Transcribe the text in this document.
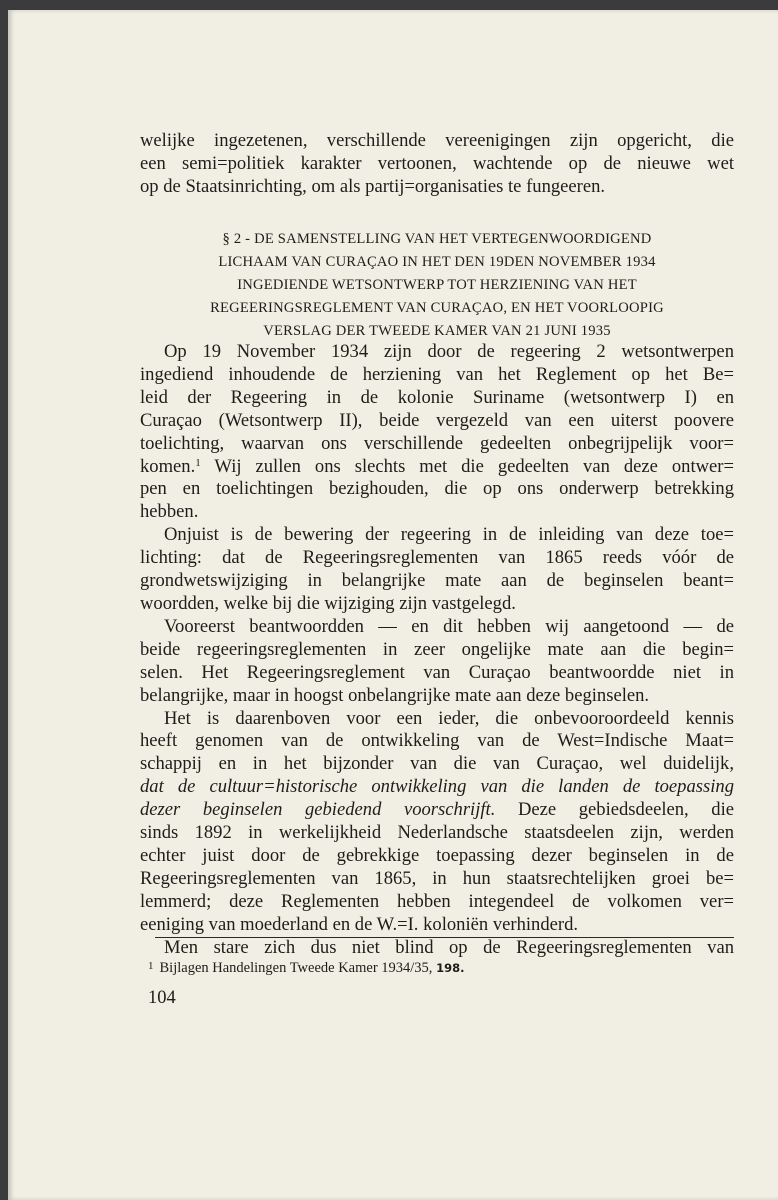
welijke ingezetenen, verschillende vereenigingen zijn opgericht, die
een semi=politiek karakter vertoonen, wachtende op de nieuwe wet
op de Staatsinrichting, om als partij=organisaties te fungeeren.

§ 2 - DE SAMENSTELLING VAN HET VERTEGENWOORDIGEND
LICHAAM VAN CURAÇAO IN HET DEN 19DEN NOVEMBER 1934
INGEDIENDE WETSONTWERP TOT HERZIENING VAN HET
REGEERINGSREGLEMENT VAN CURAÇAO, EN HET VOORLOOPIG
VERSLAG DER TWEEDE KAMER VAN 21 JUNI 1935

Op 19 November 1934 zijn door de regeering 2 wetsontwerpen
ingediend inhoudende de herziening van het Reglement op het Be=
leid der Regeering in de kolonie Suriname (wetsontwerp I) en
Curaçao (Wetsontwerp II), beide vergezeld van een uiterst poovere
toelichting, waarvan ons verschillende gedeelten onbegrijpelijk voor=
komen.$^1$ Wij zullen ons slechts met die gedeelten van deze ontwer=
pen en toelichtingen bezighouden, die op ons onderwerp betrekking
hebben.

Onjuist is de bewering der regeering in de inleiding van deze toe=
lichting: dat de Regeeringsreglementen van 1865 reeds vóór de
grondwetswijziging in belangrijke mate aan de beginselen beant=
woordden, welke bij die wijziging zijn vastgelegd.

Vooreerst beantwoordden — en dit hebben wij aangetoond — de
beide regeeringsreglementen in zeer ongelijke mate aan die begin=
selen. Het Regeeringsreglement van Curaçao beantwoordde niet in
belangrijke, maar in hoogst onbelangrijke mate aan deze beginselen.

Het is daarenboven voor een ieder, die onbevooroordeeld kennis
heeft genomen van de ontwikkeling van de West=Indische Maat=
schappij en in het bijzonder van die van Curaçao, wel duidelijk,
dat de cultuur=historische ontwikkeling van die landen de toepassing
dezer beginselen gebiedend voorschrijft. Deze gebiedsdeelen, die
sinds 1892 in werkelijkheid Nederlandsche staatsdeelen zijn, werden
echter juist door de gebrekkige toepassing dezer beginselen in de
Regeeringsreglementen van 1865, in hun staatsrechtelijken groei be=
lemmerd; deze Reglementen hebben integendeel de volkomen ver=
eeniging van moederland en de W.=I. koloniën verhinderd.

Men stare zich dus niet blind op de Regeeringsreglementen van

$^1$ Bijlagen Handelingen Tweede Kamer 1934/35, 198.
104
